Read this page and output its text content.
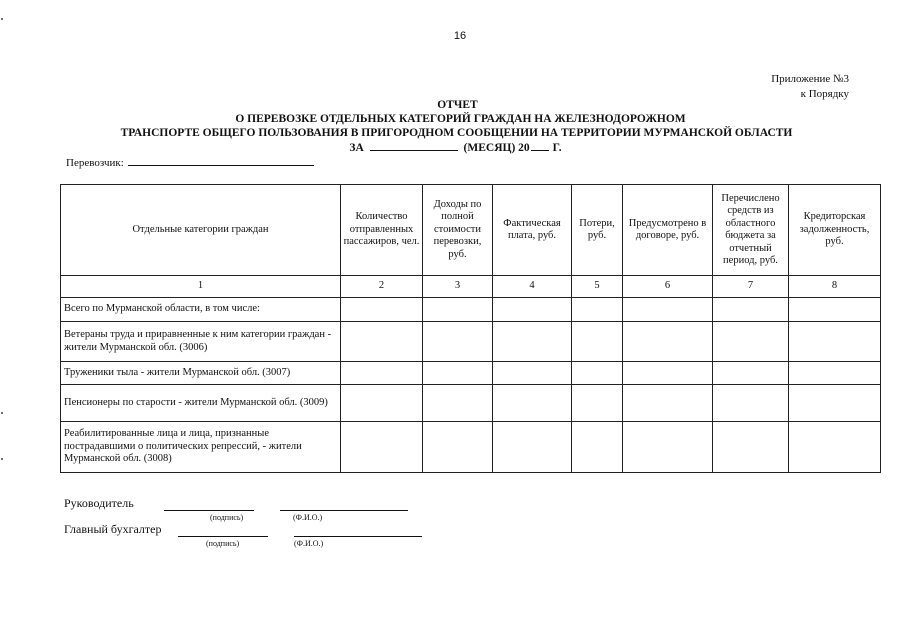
16
Приложение №3
к Порядку
ОТЧЕТ
О ПЕРЕВОЗКЕ ОТДЕЛЬНЫХ КАТЕГОРИЙ ГРАЖДАН НА ЖЕЛЕЗНОДОРОЖНОМ
ТРАНСПОРТЕ ОБЩЕГО ПОЛЬЗОВАНИЯ В ПРИГОРОДНОМ СООБЩЕНИИ НА ТЕРРИТОРИИ МУРМАНСКОЙ ОБЛАСТИ
ЗА	(МЕСЯЦ) 20 Г.
Перевозчик:
Отдельные категории граждан	Количество отправленных пассажиров, чел.	Доходы по полной стоимости перевозки, руб.	Фактическая плата, руб.	Потери, руб.	Предусмотрено в договоре, руб.	Перечислено средств из областного бюджета за отчетный период, руб.	Кредиторская задолженность, руб.
1	2	3	4	5	6	7	8
Всего по Мурманской области, в том числе:							
Ветераны труда и приравненные к ним категории граждан - жители Мурманской обл. (3006)							
Труженики тыла - жители Мурманской обл. (3007)							
Пенсионеры по старости - жители Мурманской обл. (3009)							
Реабилитированные лица и лица, признанные пострадавшими о политических репрессий, - жители Мурманской обл. (3008)							
Руководитель
(подпись)	(Ф.И.О.)
Главный бухгалтер
(подпись)	(Ф.И.О.)
